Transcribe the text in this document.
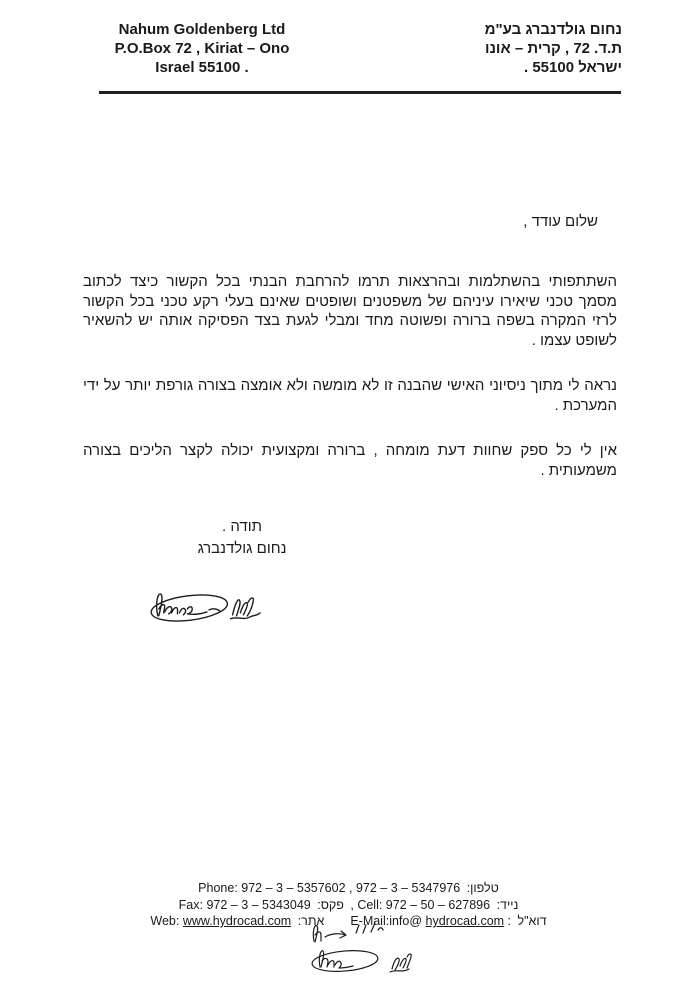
Nahum Goldenberg Ltd
P.O.Box 72 , Kiriat – Ono
Israel 55100 .
נחום גולדנברג בע"מ
ת.ד. 72 , קרית – אונו
ישראל 55100 .
שלום עודד ,
השתתפותי בהשתלמות ובהרצאות תרמו להרחבת הבנתי בכל הקשור כיצד לכתוב
מסמך טכני שיאירו עיניהם של משפטנים ושופטים שאינם בעלי רקע טכני בכל הקשור
לרזי המקרה בשפה ברורה ופשוטה מחד ומבלי לגעת בצד הפסיקה אותה יש להשאיר
לשופט עצמו .
נראה לי מתוך ניסיוני האישי שהבנה זו לא מומשה ולא אומצה בצורה גורפת יותר על ידי
המערכת .
אין לי כל ספק שחוות דעת מומחה , ברורה ומקצועית יכולה לקצר הליכים בצורה
משמעותית .
תודה .
נחום גולדנברג
Phone: 972 – 3 – 5357602 , 972 – 3 – 5347976 טלפון:
Fax: 972 – 3 – 5343049 פקס: , Cell: 972 – 50 – 627896 נייד:
Web: www.hydrocad.com אתר: E-Mail:info@ hydrocad.com : דוא"ל
